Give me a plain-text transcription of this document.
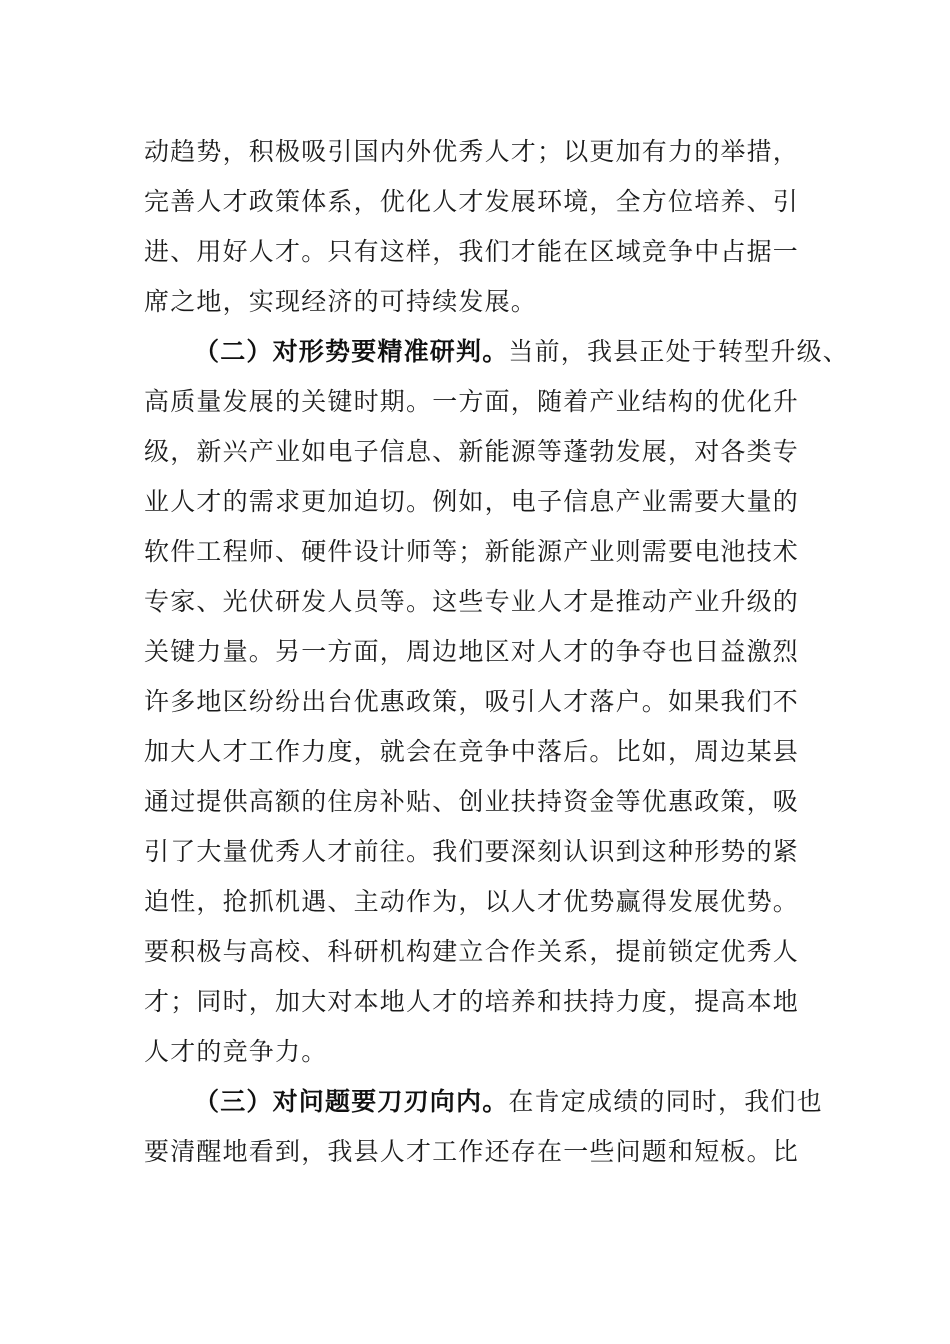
动趋势，积极吸引国内外优秀人才；以更加有力的举措，
完善人才政策体系，优化人才发展环境，全方位培养、引
进、用好人才。只有这样，我们才能在区域竞争中占据一
席之地，实现经济的可持续发展。
（二）对形势要精准研判。当前，我县正处于转型升级、
高质量发展的关键时期。一方面，随着产业结构的优化升
级，新兴产业如电子信息、新能源等蓬勃发展，对各类专
业人才的需求更加迫切。例如，电子信息产业需要大量的
软件工程师、硬件设计师等；新能源产业则需要电池技术
专家、光伏研发人员等。这些专业人才是推动产业升级的
关键力量。另一方面，周边地区对人才的争夺也日益激烈
许多地区纷纷出台优惠政策，吸引人才落户。如果我们不
加大人才工作力度，就会在竞争中落后。比如，周边某县
通过提供高额的住房补贴、创业扶持资金等优惠政策，吸
引了大量优秀人才前往。我们要深刻认识到这种形势的紧
迫性，抢抓机遇、主动作为，以人才优势赢得发展优势。
要积极与高校、科研机构建立合作关系，提前锁定优秀人
才；同时，加大对本地人才的培养和扶持力度，提高本地
人才的竞争力。
（三）对问题要刀刃向内。在肯定成绩的同时，我们也
要清醒地看到，我县人才工作还存在一些问题和短板。比
